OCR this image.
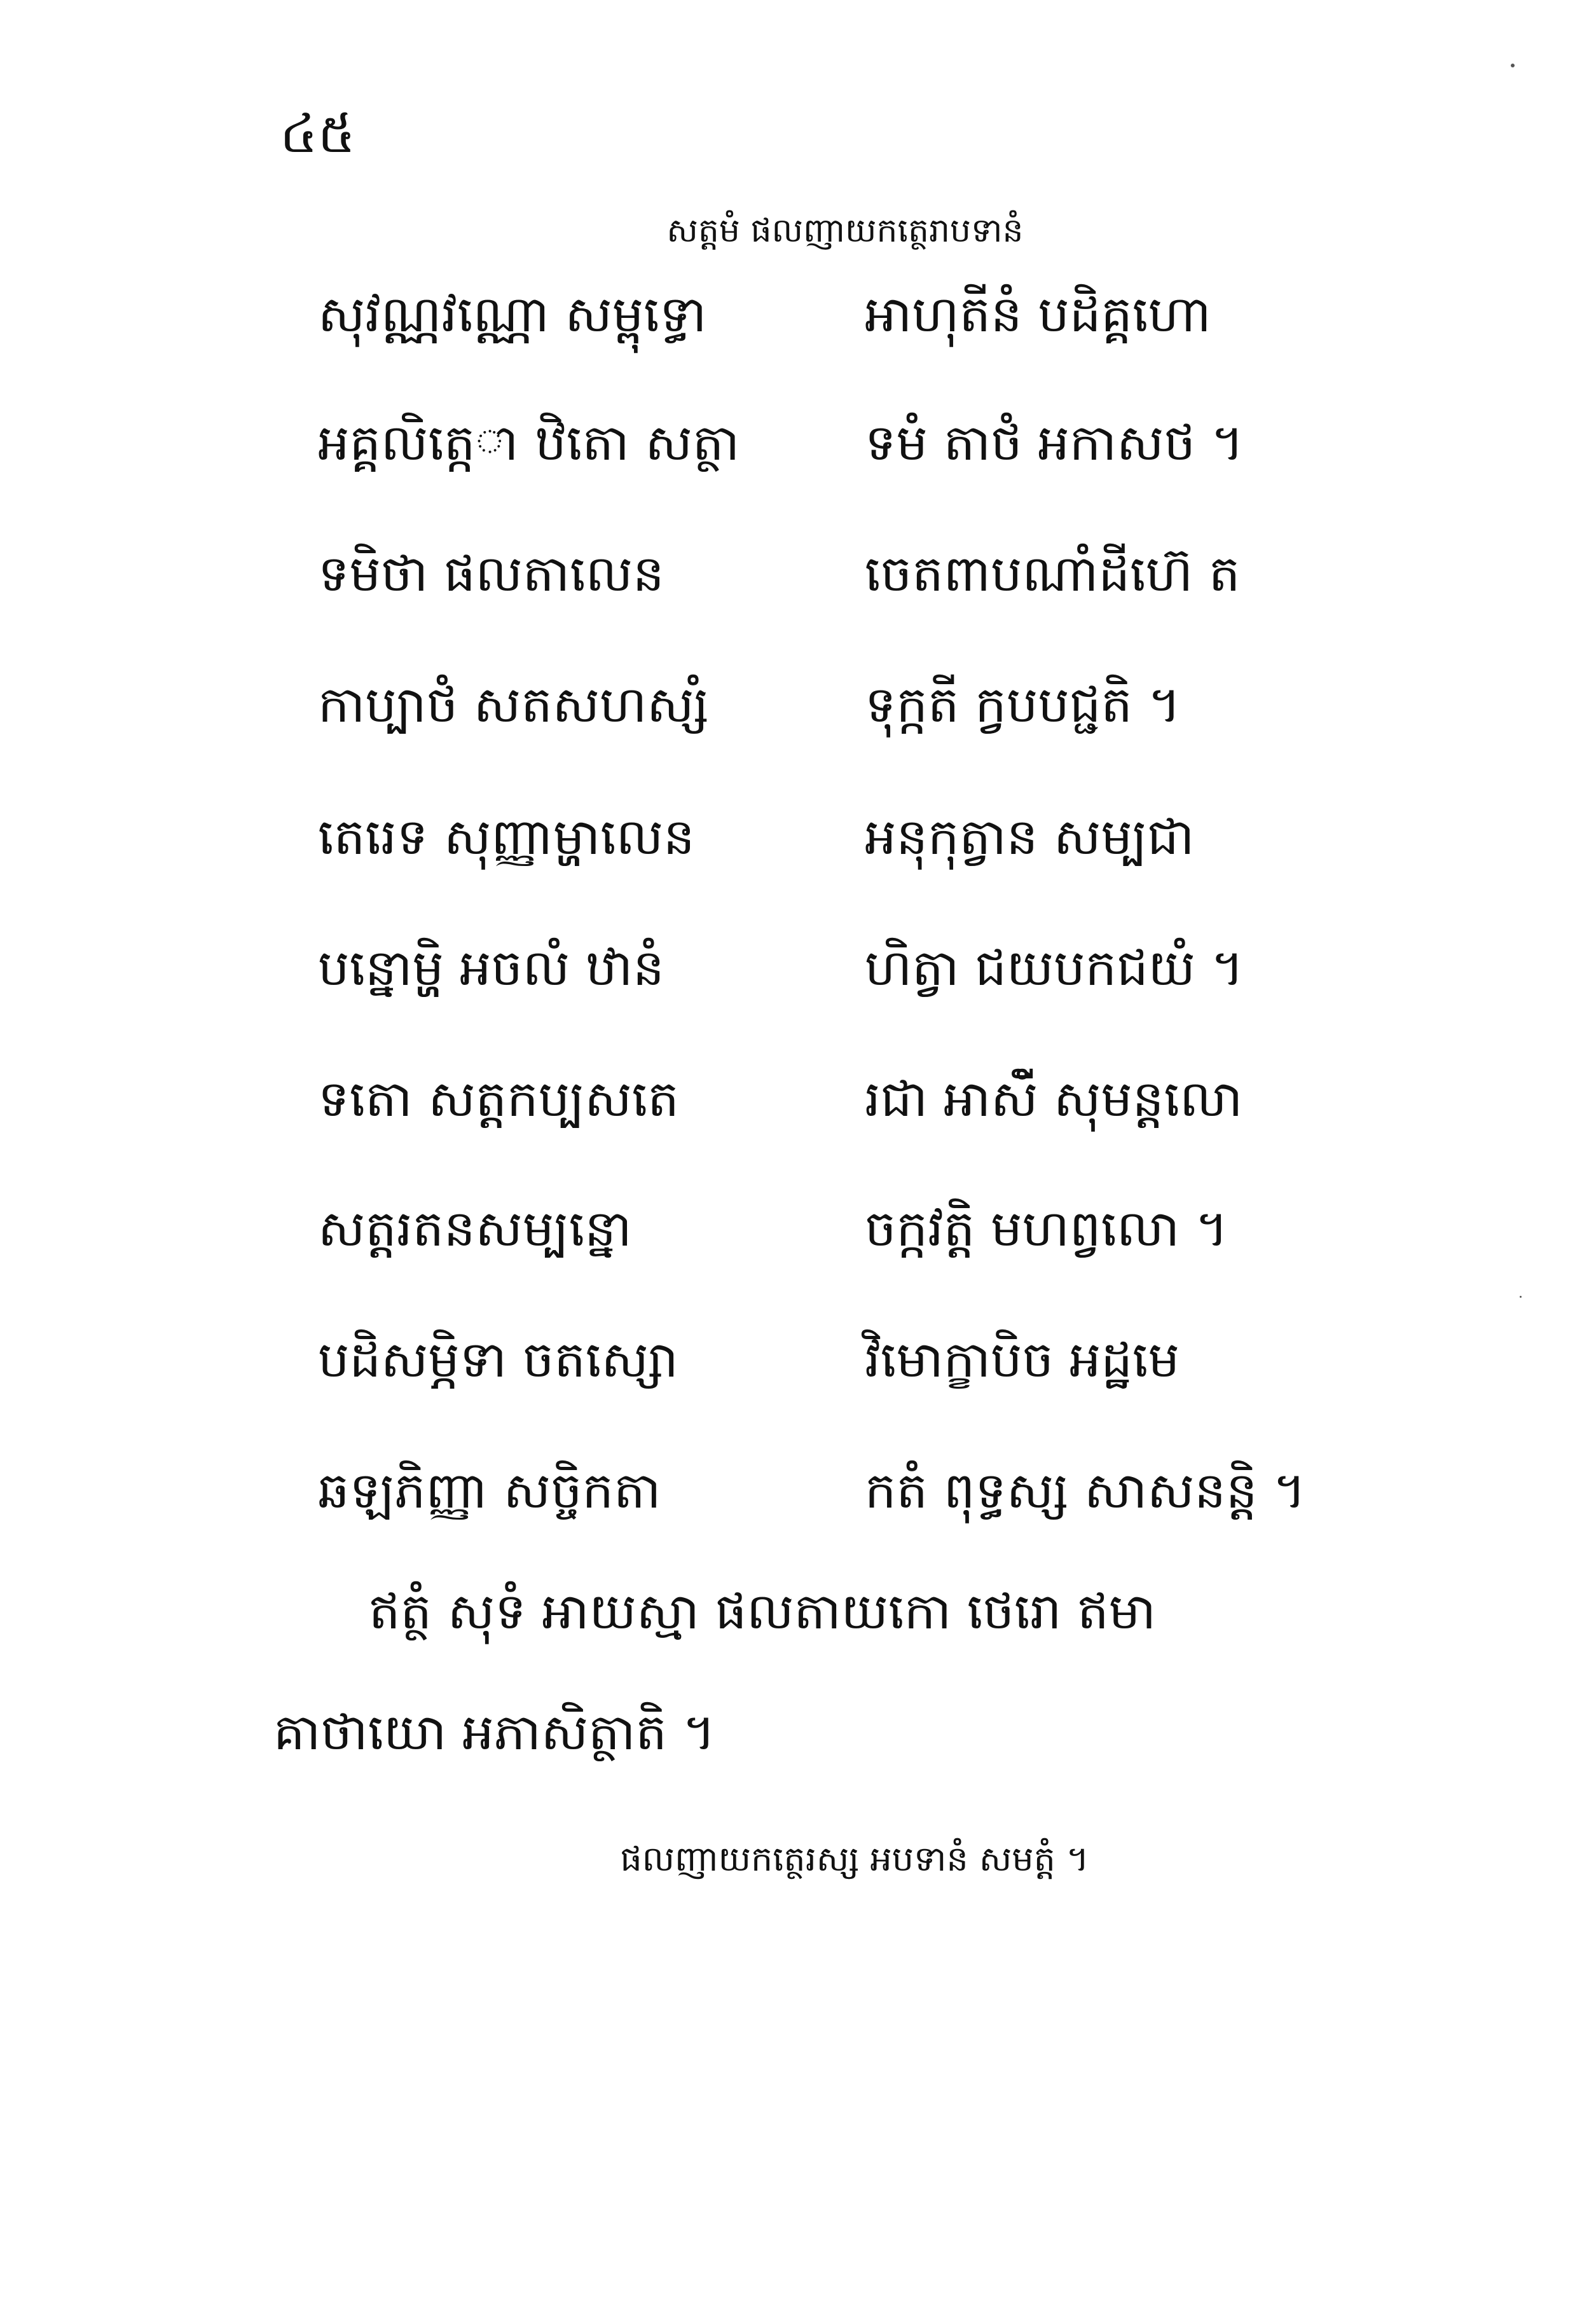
៤៥
សត្តមំ ផលញាយកត្ថេរាបទានំ
សុវណ្ណវណ្ណោ សម្ពុទ្ធោ	អាហុតីនំ បដិគ្គហោ
អគ្គលិតេ្កា ឋិតោ សត្ថា	ទមំ តាថំ អកាសថ ។
ទមិថា ផលតាលេន	ចេតពាបណាំដីហ៊េ ត
កាប្បាថំ សតសហស្សំ	ទុក្កតី ក្វបបជ្ជតិ ។
តេរេទ សុញ្ញាម្ហាលេន	អនុកុត្វាន សម្បជា
បន្នោម្ហិ អចលំ ឋានំ	ហិត្វា ជយបកជយំ ។
ទតោ សត្តកប្បសតេ	រជា អាសីំ សុមន្តលោ
សត្តរតនសម្បន្នោ	ចក្កវត្តិ មហព្វលោ ។
បដិសម្ភិទា ចតស្សោ	វិមោក្ខាបិច អដ្ឋមេ
ឆឡភិញ្ញា សច្ចិកតា	កតំ ពុទ្ធស្ស សាសនន្តិ ។
ឥត្ថំ សុទំ អាយស្មា ផលតាយកោ ថេរោ ឥមា
គាថាយោ អភាសិត្ថាតិ ។
ផលញាយកត្ថេរស្ស អបទានំ សមត្តំ ។
